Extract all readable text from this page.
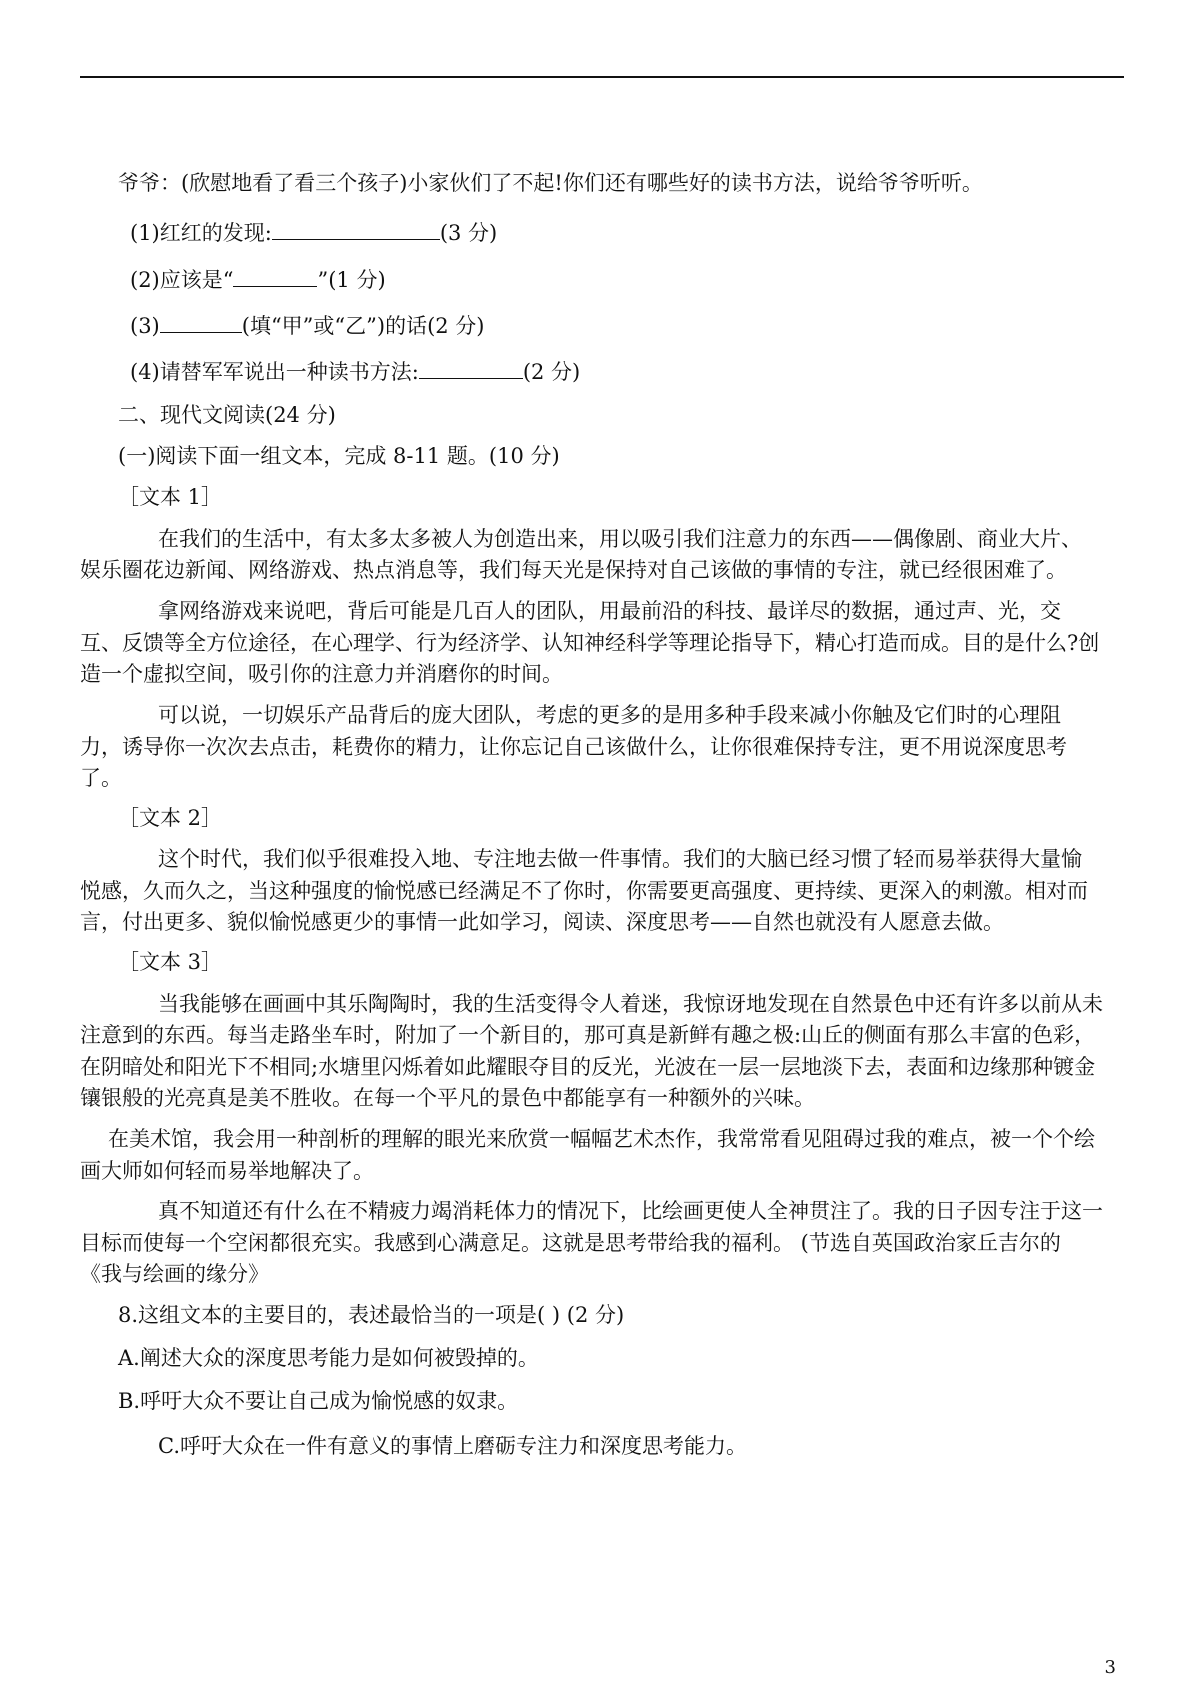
爷爷：(欣慰地看了看三个孩子)小家伙们了不起!你们还有哪些好的读书方法，说给爷爷听听。
(1)红红的发现:	(3 分)
(2)应该是“	”(1 分)
(3)	(填“甲”或“乙”)的话(2 分)
(4)请替军军说出一种读书方法:	(2 分)
二、现代文阅读(24 分)
(一)阅读下面一组文本，完成 8-11 题。(10 分)
［文本 1］
在我们的生活中，有太多太多被人为创造出来，用以吸引我们注意力的东西——偶像剧、商业大片、
娱乐圈花边新闻、网络游戏、热点消息等，我们每天光是保持对自己该做的事情的专注，就已经很困难了。
拿网络游戏来说吧，背后可能是几百人的团队，用最前沿的科技、最详尽的数据，通过声、光，交
互、反馈等全方位途径，在心理学、行为经济学、认知神经科学等理论指导下，精心打造而成。目的是什么?创
造一个虚拟空间，吸引你的注意力并消磨你的时间。
可以说，一切娱乐产品背后的庞大团队，考虑的更多的是用多种手段来减小你触及它们时的心理阻
力，诱导你一次次去点击，耗费你的精力，让你忘记自己该做什么，让你很难保持专注，更不用说深度思考
了。
［文本 2］
这个时代，我们似乎很难投入地、专注地去做一件事情。我们的大脑已经习惯了轻而易举获得大量愉
悦感，久而久之，当这种强度的愉悦感已经满足不了你时，你需要更高强度、更持续、更深入的刺激。相对而
言，付出更多、貌似愉悦感更少的事情一此如学习，阅读、深度思考——自然也就没有人愿意去做。
［文本 3］
当我能够在画画中其乐陶陶时，我的生活变得令人着迷，我惊讶地发现在自然景色中还有许多以前从未
注意到的东西。每当走路坐车时，附加了一个新目的，那可真是新鲜有趣之极:山丘的侧面有那么丰富的色彩，
在阴暗处和阳光下不相同;水塘里闪烁着如此耀眼夺目的反光，光波在一层一层地淡下去，表面和边缘那种镀金
镶银般的光亮真是美不胜收。在每一个平凡的景色中都能享有一种额外的兴味。
在美术馆，我会用一种剖析的理解的眼光来欣赏一幅幅艺术杰作，我常常看见阻碍过我的难点，被一个个绘
画大师如何轻而易举地解决了。
真不知道还有什么在不精疲力竭消耗体力的情况下，比绘画更使人全神贯注了。我的日子因专注于这一
目标而使每一个空闲都很充实。我感到心满意足。这就是思考带给我的福利。 (节选自英国政治家丘吉尔的
《我与绘画的缘分》
8.这组文本的主要目的，表述最恰当的一项是( ) (2 分)
A.阐述大众的深度思考能力是如何被毁掉的。
B.呼吁大众不要让自己成为愉悦感的奴隶。
C.呼吁大众在一件有意义的事情上磨砺专注力和深度思考能力。
3
